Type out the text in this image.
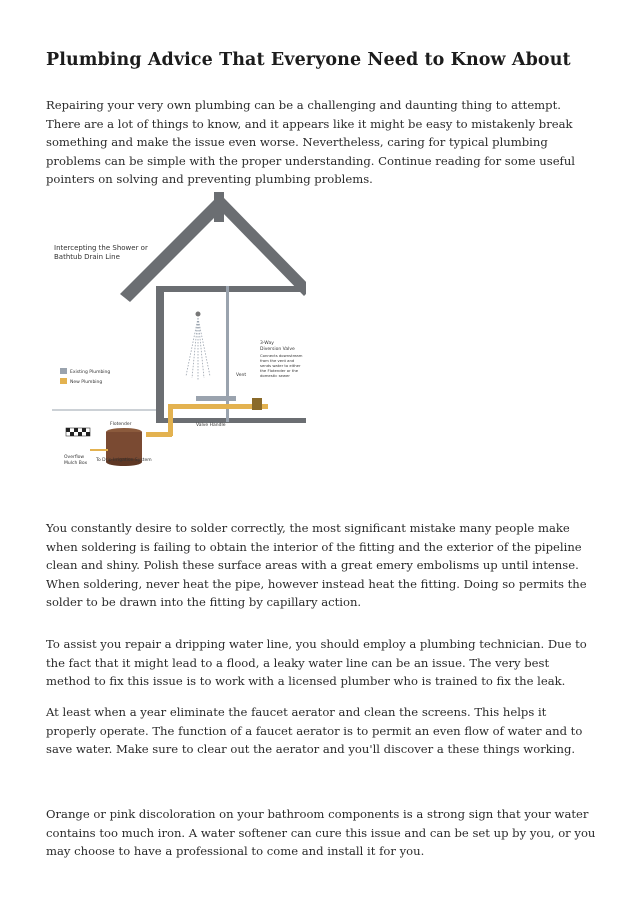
Plumbing Advice That Everyone Need to Know About

Repairing your very own plumbing can be a challenging and daunting thing to attempt. There are a lot of things to know, and it appears like it might be easy to mistakenly break something and make the issue even worse. Nevertheless, caring for typical plumbing problems can be simple with the proper understanding. Continue reading for some useful pointers on solving and preventing plumbing problems.

Intercepting the Shower or
Bathtub Drain Line
Existing Plumbing
New Plumbing
3-Way
Diversion Valve
Connects downstream
from the vent and
sends water to either
the Flotender or the
domestic sewer
Vent
Flotender	Valve Handle
Overflow
Mulch Box
To Drip Irrigation System

You constantly desire to solder correctly, the most significant mistake many people make when soldering is failing to obtain the interior of the fitting and the exterior of the pipeline clean and shiny. Polish these surface areas with a great emery embolisms up until intense. When soldering, never heat the pipe, however instead heat the fitting. Doing so permits the solder to be drawn into the fitting by capillary action.

To assist you repair a dripping water line, you should employ a plumbing technician. Due to the fact that it might lead to a flood, a leaky water line can be an issue. The very best method to fix this issue is to work with a licensed plumber who is trained to fix the leak.

At least when a year eliminate the faucet aerator and clean the screens. This helps it properly operate. The function of a faucet aerator is to permit an even flow of water and to save water. Make sure to clear out the aerator and you'll discover a these things working.

Orange or pink discoloration on your bathroom components is a strong sign that your water contains too much iron. A water softener can cure this issue and can be set up by you, or you may choose to have a professional to come and install it for you.
